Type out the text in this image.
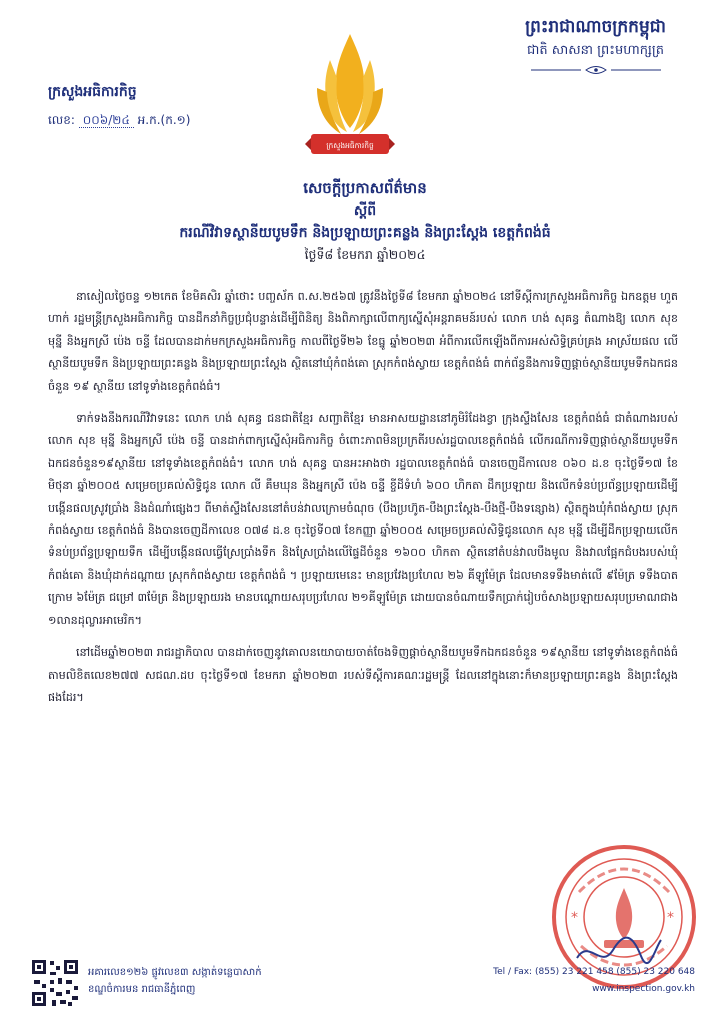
ព្រះរាជាណាចក្រកម្ពុជា
ជាតិ សាសនា ព្រះមហាក្សត្រ
ក្រសួងអធិការកិច្ច
ក្រសួងអធិការកិច្ច
លេខ: ០០៦/២៤ អ.ក.(ក.១)
សេចក្តីប្រកាសព័ត៌មាន
ស្តីពី
ករណីវិវាទស្ថានីយបូមទឹក និងប្រឡាយព្រះគន្លង និងព្រះស្តែង ខេត្តកំពង់ធំ
ថ្ងៃទី៨ ខែមករា ឆ្នាំ២០២៤

នាសៀលថ្ងៃចន្ទ ១២កេត ខែមិគសិរ ឆ្នាំថោះ បញ្ចស័ក ព.ស.២៥៦៧ ត្រូវនឹងថ្ងៃទី៨ ខែមករា ឆ្នាំ២០២៤ នៅទីស្តីការក្រសួងអធិការកិច្ច ឯកឧត្តម ហួត ហាក់ រដ្ឋមន្ត្រីក្រសួងអធិការកិច្ច បានដឹកនាំកិច្ចប្រជុំបន្ទាន់ដើម្បីពិនិត្យ និងពិភាក្សាលើពាក្យស្នើសុំអន្តរាគមន៍របស់ លោក ហង់ សុគន្ធ តំណាងឱ្យ លោក សុខ មុន្នី និងអ្នកស្រី ប៉េង ចន្ទី ដែលបានដាក់មកក្រសួងអធិការកិច្ច កាលពីថ្ងៃទី២៦ ខែធ្នូ ឆ្នាំ២០២៣ អំពីការលើកឡើងពីការអស់សិទ្ធិគ្រប់គ្រង អាស្រ័យផល លើស្ថានីយបូមទឹក និងប្រឡាយព្រះគន្លង និងប្រឡាយព្រះស្តែង ស្ថិតនៅឃុំកំពង់គោ ស្រុកកំពង់ស្វាយ ខេត្តកំពង់ធំ ពាក់ព័ន្ធនឹងការទិញផ្តាច់ស្ថានីយបូមទឹកឯកជនចំនួន ១៩ ស្ថានីយ នៅទូទាំងខេត្តកំពង់ធំ។

ទាក់ទងនឹងករណីវិវាទនេះ លោក ហង់ សុគន្ធ ជនជាតិខ្មែរ សញ្ជាតិខ្មែរ មានអាសយដ្ឋាននៅភូមិរំដែងខ្វា ក្រុងស្ទឹងសែន ខេត្តកំពង់ធំ ជាតំណាងរបស់ លោក សុខ មុន្នី និងអ្នកស្រី ប៉េង ចន្ទី បានដាក់ពាក្យស្នើសុំអធិការកិច្ច ចំពោះភាពមិនប្រក្រតីរបស់រដ្ឋបាលខេត្តកំពង់ធំ លើករណីការទិញផ្តាច់ស្ថានីយបូមទឹកឯកជនចំនួន១៩ស្ថានីយ នៅទូទាំងខេត្តកំពង់ធំ។ លោក ហង់ សុគន្ធ បានអះអាងថា រដ្ឋបាលខេត្តកំពង់ធំ បានចេញដីកាលេខ ០៦០ ដ.ខ ចុះថ្ងៃទី១៧ ខែមិថុនា ឆ្នាំ២០០៥ សម្រេចប្រគល់សិទ្ធិជូន លោក លី គឹមឃុន និងអ្នកស្រី ប៉េង ចន្ទី ខ្ចីដីទំហំ ៦០០ ហិកតា ដឹកប្រឡាយ និងលើកទំនប់ប្រព័ន្ធប្រឡាយដើម្បីបង្កើនផលស្រូវប្រាំង និងដំណាំផ្សេងៗ ពីមាត់ស្ទឹងសែននៅតំបន់វាលក្រោមចំណុច (បឹងប្រហ៊ូត-បឹងព្រះស្តែង-បឹងថ្មី-បឹងទន្សោង) ស្ថិតក្នុងឃុំកំពង់ស្វាយ ស្រុកកំពង់ស្វាយ ខេត្តកំពង់ធំ និងបានចេញដីកាលេខ ០៧៨ ដ.ខ ចុះថ្ងៃទី០៧ ខែកញ្ញា ឆ្នាំ២០០៥ សម្រេចប្រគល់សិទ្ធិជូនលោក សុខ មុន្នី ដើម្បីដឹកប្រឡាយលើកទំនប់ប្រព័ន្ធប្រឡាយទឹក ដើម្បីបង្កើនផលធ្វើស្រែប្រាំងទឹក និងស្រែប្រាំងលើផ្ទៃដីចំនួន ១៦០០ ហិកតា ស្ថិតនៅតំបន់វាលបឹងមូល និងវាលផ្អែកជំបងរបស់ឃុំកំពង់គោ និងឃុំដាក់ដណ្តាយ ស្រុកកំពង់ស្វាយ ខេត្តកំពង់ធំ ។ ប្រឡាយមេនេះ មានប្រវែងប្រហែល ២៦ គីឡូម៉ែត្រ ដែលមានទទឹងមាត់លើ ៩ម៉ែត្រ ទទឹងបាតក្រោម ៦ម៉ែត្រ ជម្រៅ ៣ម៉ែត្រ និងប្រឡាយរង មានបណ្តោយសរុបប្រហែល ២១គីឡូម៉ែត្រ ដោយបានចំណាយទឹកប្រាក់រៀបចំសាងប្រឡាយសរុបប្រមាណជាង ១លានដុល្លារអាមេរិក។

នៅដើមឆ្នាំ២០២៣ រាជរដ្ឋាភិបាល បានដាក់ចេញនូវគោលនយោបាយចាត់ចែងទិញផ្តាច់ស្ថានីយបូមទឹកឯកជនចំនួន ១៩ស្ថានីយ នៅទូទាំងខេត្តកំពង់ធំ តាមលិខិតលេខ២៧៧ សជណ.ដប ចុះថ្ងៃទី១៧ ខែមករា ឆ្នាំ២០២៣ របស់ទីស្តីការគណៈរដ្ឋមន្ត្រី ដែលនៅក្នុងនោះក៏មានប្រឡាយព្រះគន្លង និងព្រះស្តែងផងដែរ។

*	*
អគារលេខ១២៦ ផ្លូវលេខ៣ សង្កាត់ទន្លេបាសាក់
ខណ្ឌចំការមន រាជធានីភ្នំពេញ
Tel / Fax: (855) 23 221 458 (855) 23 220 648
www.inspection.gov.kh
